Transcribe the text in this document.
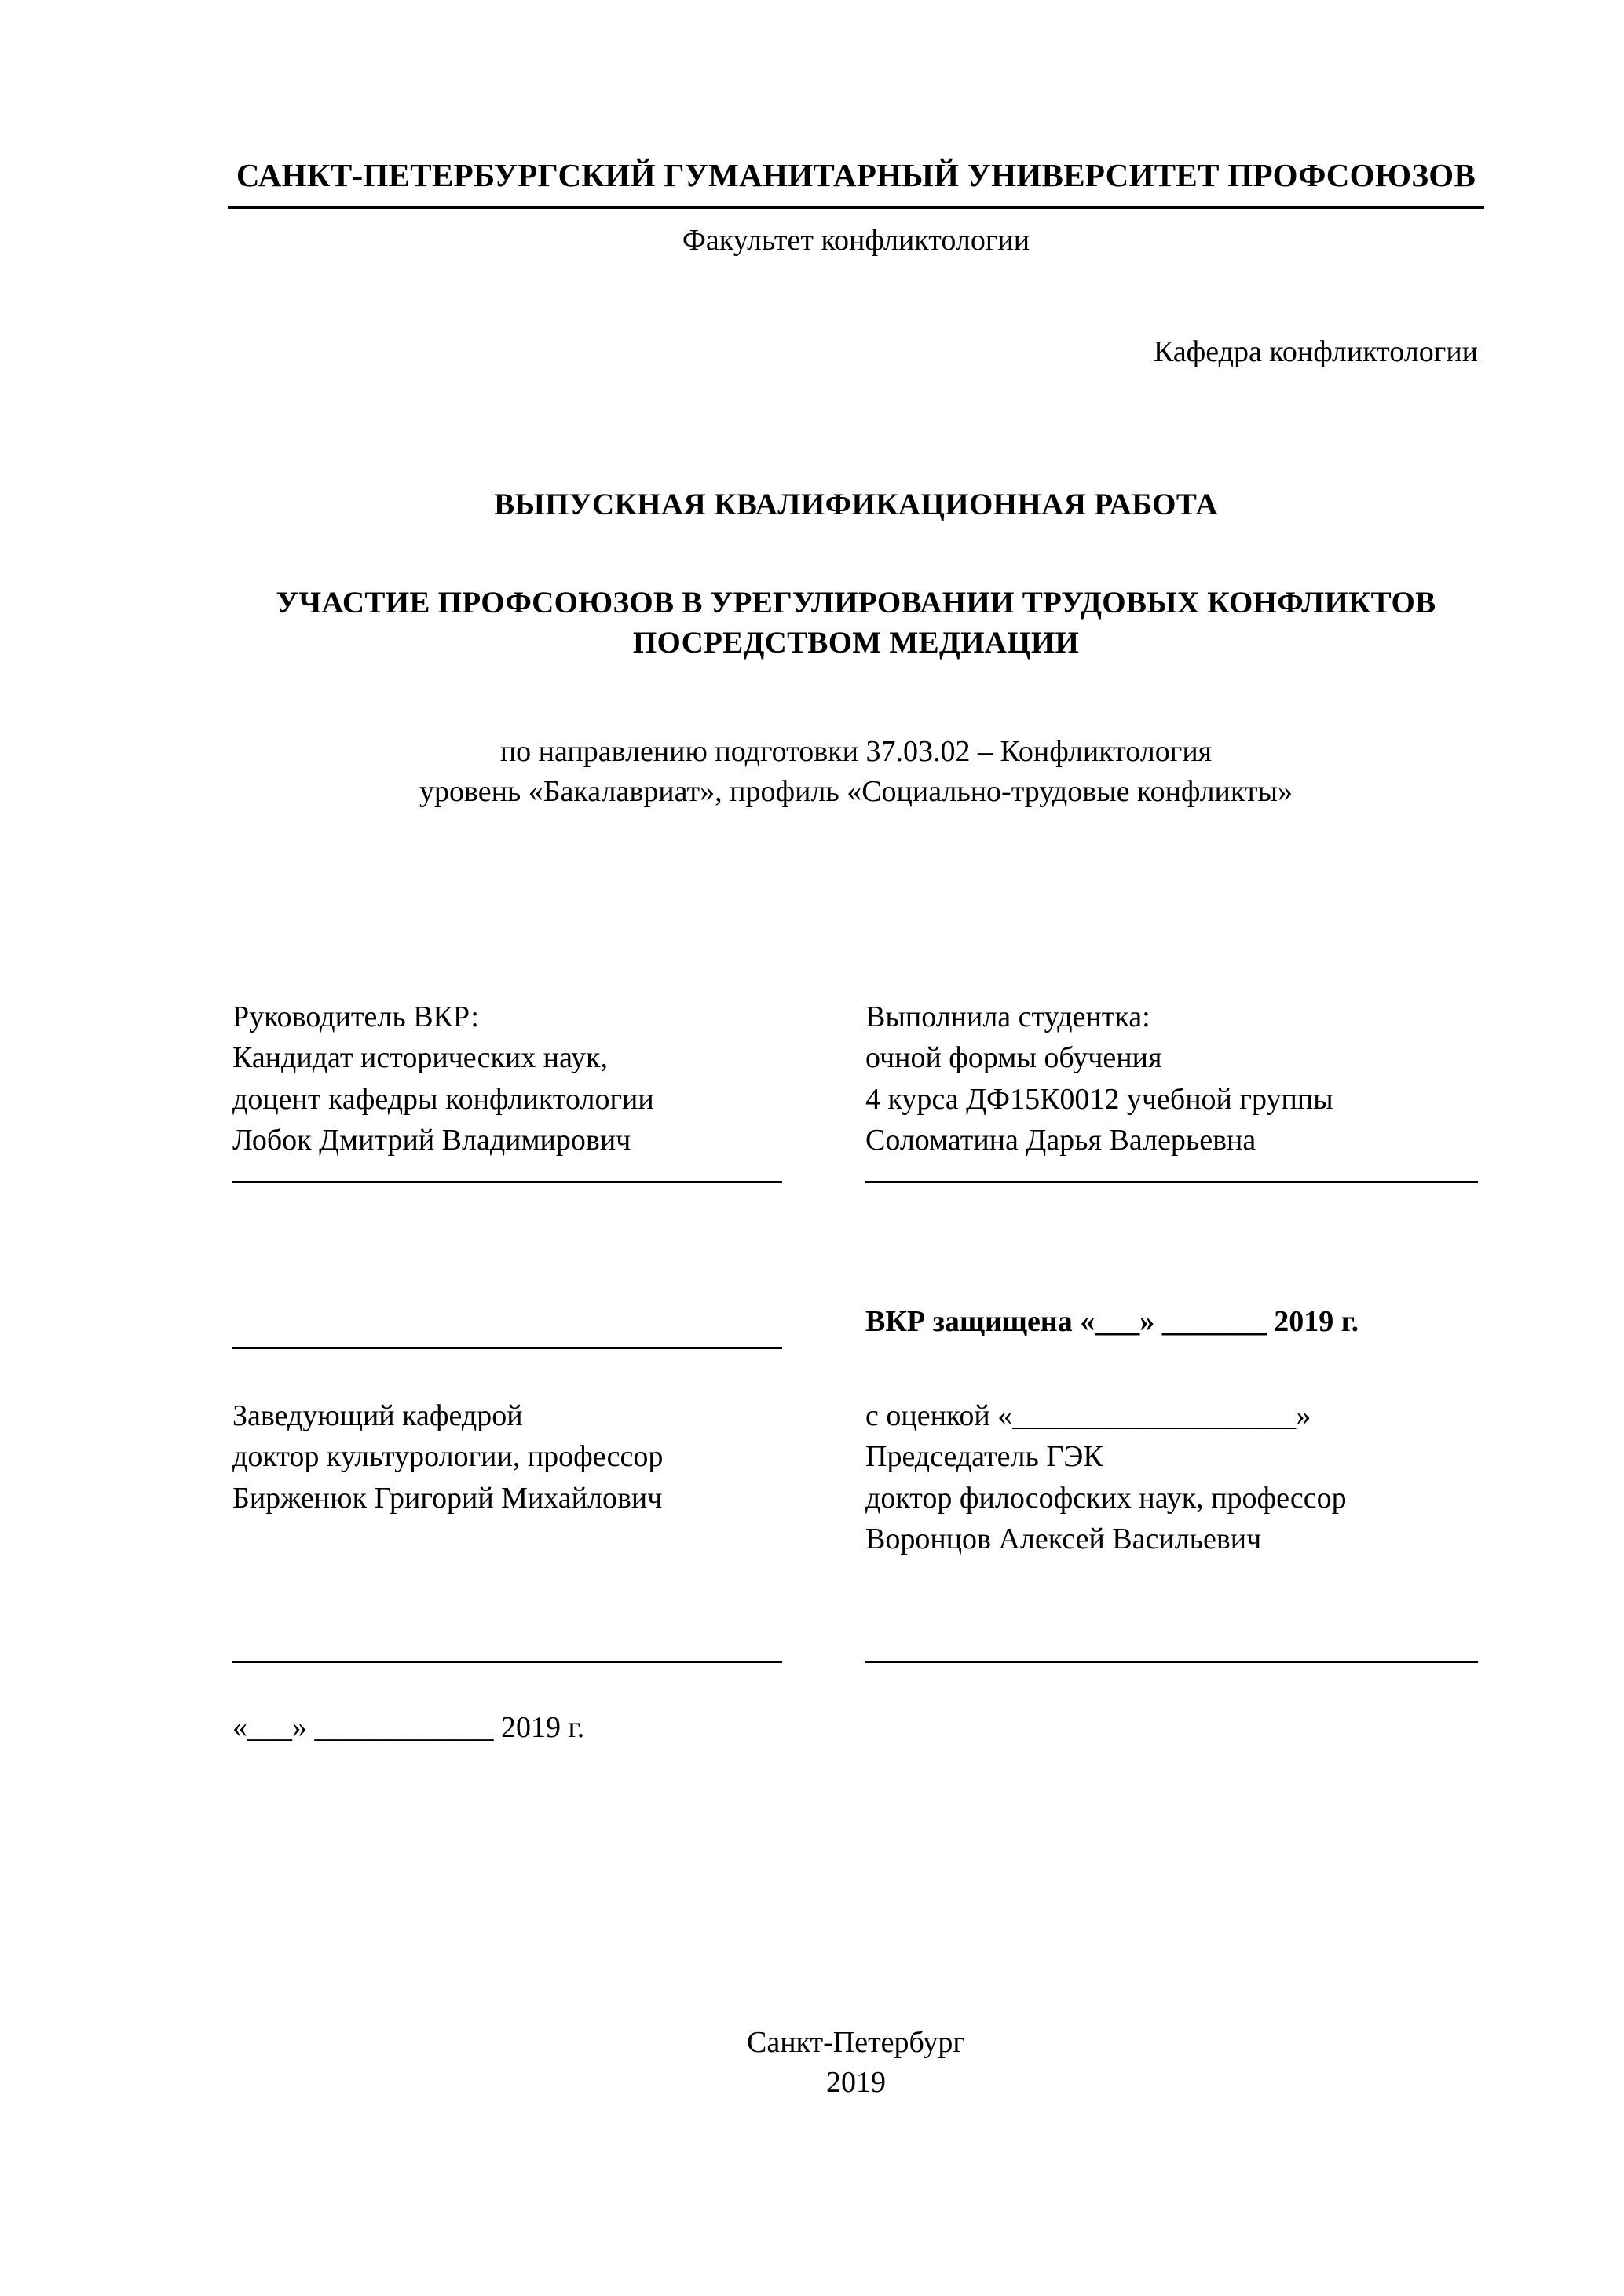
САНКТ-ПЕТЕРБУРГСКИЙ ГУМАНИТАРНЫЙ УНИВЕРСИТЕТ ПРОФСОЮЗОВ
Факультет конфликтологии
Кафедра конфликтологии
ВЫПУСКНАЯ КВАЛИФИКАЦИОННАЯ РАБОТА
УЧАСТИЕ ПРОФСОЮЗОВ В УРЕГУЛИРОВАНИИ ТРУДОВЫХ КОНФЛИКТОВ ПОСРЕДСТВОМ МЕДИАЦИИ
по направлению подготовки 37.03.02 – Конфликтология
уровень «Бакалавриат», профиль «Социально-трудовые конфликты»
Руководитель ВКР:
Кандидат исторических наук,
доцент кафедры конфликтологии
Лобок Дмитрий Владимирович
Выполнила студентка:
очной формы обучения
4 курса ДФ15К0012 учебной группы
Соломатина Дарья Валерьевна
ВКР защищена «___» _______ 2019 г.
Заведующий кафедрой
доктор культурологии, профессор
Бирженюк Григорий Михайлович
с оценкой «___________________»
Председатель ГЭК
доктор философских наук, профессор
Воронцов Алексей Васильевич
«___» ____________ 2019 г.
Санкт-Петербург
2019
